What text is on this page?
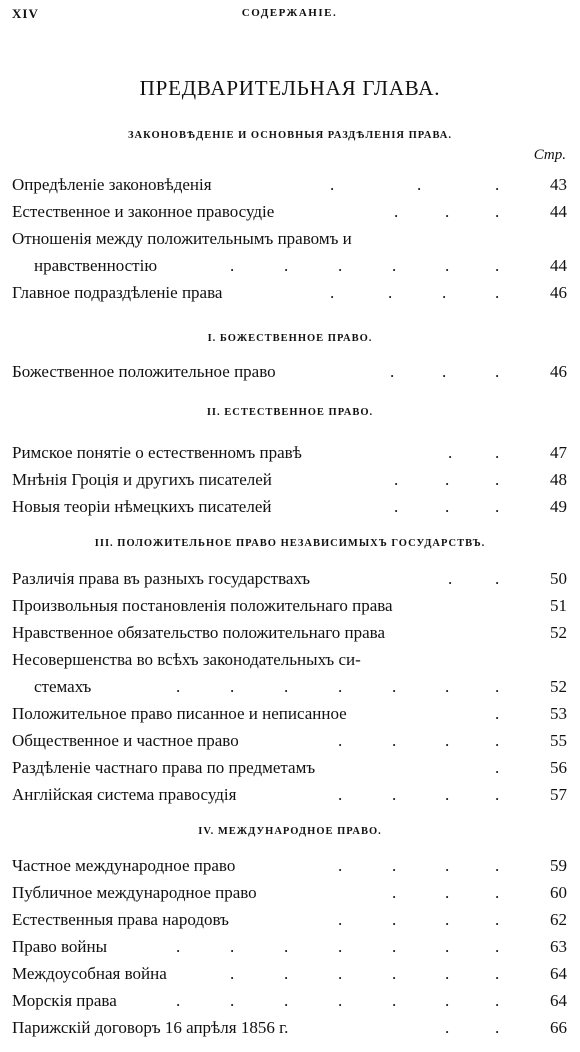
XIV	СОДЕРЖАНІЕ.
ПРЕДВАРИТЕЛЬНАЯ ГЛАВА.
ЗАКОНОВѢДЕНІЕ И ОСНОВНЫЯ РАЗДѢЛЕНІЯ ПРАВА.
Стр.
Опредѣленіе законовѣденія	.	.	.	43
Естественное и законное правосудіе	.	.	.	44
Отношенія между положительнымъ правомъ и
нравственностію	.	.	.	.	.	.	44
Главное подраздѣленіе права	.	.	.	.	46
I. БОЖЕСТВЕННОЕ ПРАВО.
Божественное положительное право	.	.	.	46
II. ЕСТЕСТВЕННОЕ ПРАВО.
Римское понятіе о естественномъ правѣ	.	.	47
Мнѣнія Гроція и другихъ писателей	.	.	.	48
Новыя теоріи нѣмецкихъ писателей	.	.	.	49
III. ПОЛОЖИТЕЛЬНОЕ ПРАВО НЕЗАВИСИМЫХЪ ГОСУДАРСТВЪ.
Различія права въ разныхъ государствахъ	.	.	50
Произвольныя постановленія положительнаго права	51
Нравственное обязательство положительнаго права	52
Несовершенства во всѣхъ законодательныхъ си-
стемахъ	.	.	.	.	.	.	.	52
Положительное право писанное и неписанное	.	53
Общественное и частное право	.	.	.	.	55
Раздѣленіе частнаго права по предметамъ	.	56
Англійская система правосудія	.	.	.	.	57
IV. МЕЖДУНАРОДНОЕ ПРАВО.
Частное международное право	.	.	.	.	59
Публичное международное право	.	.	.	60
Естественныя права народовъ	.	.	.	.	62
Право войны	.	.	.	.	.	.	.	63
Междоусобная война	.	.	.	.	.	.	64
Морскія права	.	.	.	.	.	.	.	64
Парижскій договоръ 16 апрѣля 1856 г.	.	.	66
